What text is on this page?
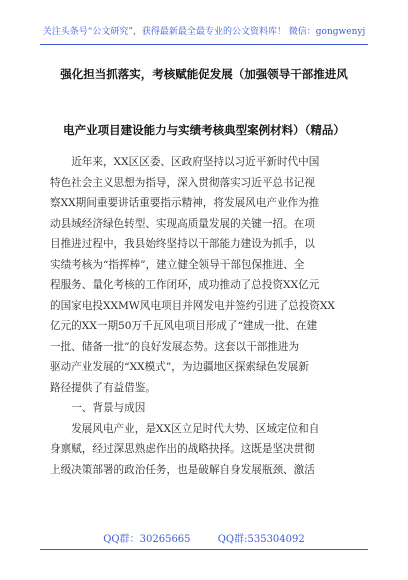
关注头条号“公文研究”，获得最新最全最专业的公文资料库！ 微信：gongwenyj
强化担当抓落实，考核赋能促发展（加强领导干部推进风
电产业项目建设能力与实绩考核典型案例材料）（精品）
近年来，XX区区委、区政府坚持以习近平新时代中国
特色社会主义思想为指导，深入贯彻落实习近平总书记视
察XX期间重要讲话重要指示精神，将发展风电产业作为推
动县域经济绿色转型、实现高质量发展的关键一招。在项
目推进过程中，我县始终坚持以干部能力建设为抓手，以
实绩考核为“指挥棒”，建立健全领导干部包保推进、全
程服务、量化考核的工作闭环，成功推动了总投资XX亿元
的国家电投XXMW风电项目并网发电并签约引进了总投资XX
亿元的XX一期50万千瓦风电项目形成了“建成一批、在建
一批、储备一批”的良好发展态势。这套以干部推进为
驱动产业发展的“XX模式”，为边疆地区探索绿色发展新
路径提供了有益借鉴。
一、背景与成因
发展风电产业，是XX区立足时代大势、区域定位和自
身禀赋，经过深思熟虑作出的战略抉择。这既是坚决贯彻
上级决策部署的政治任务，也是破解自身发展瓶颈、激活
QQ群：30265665	QQ群:535304092
